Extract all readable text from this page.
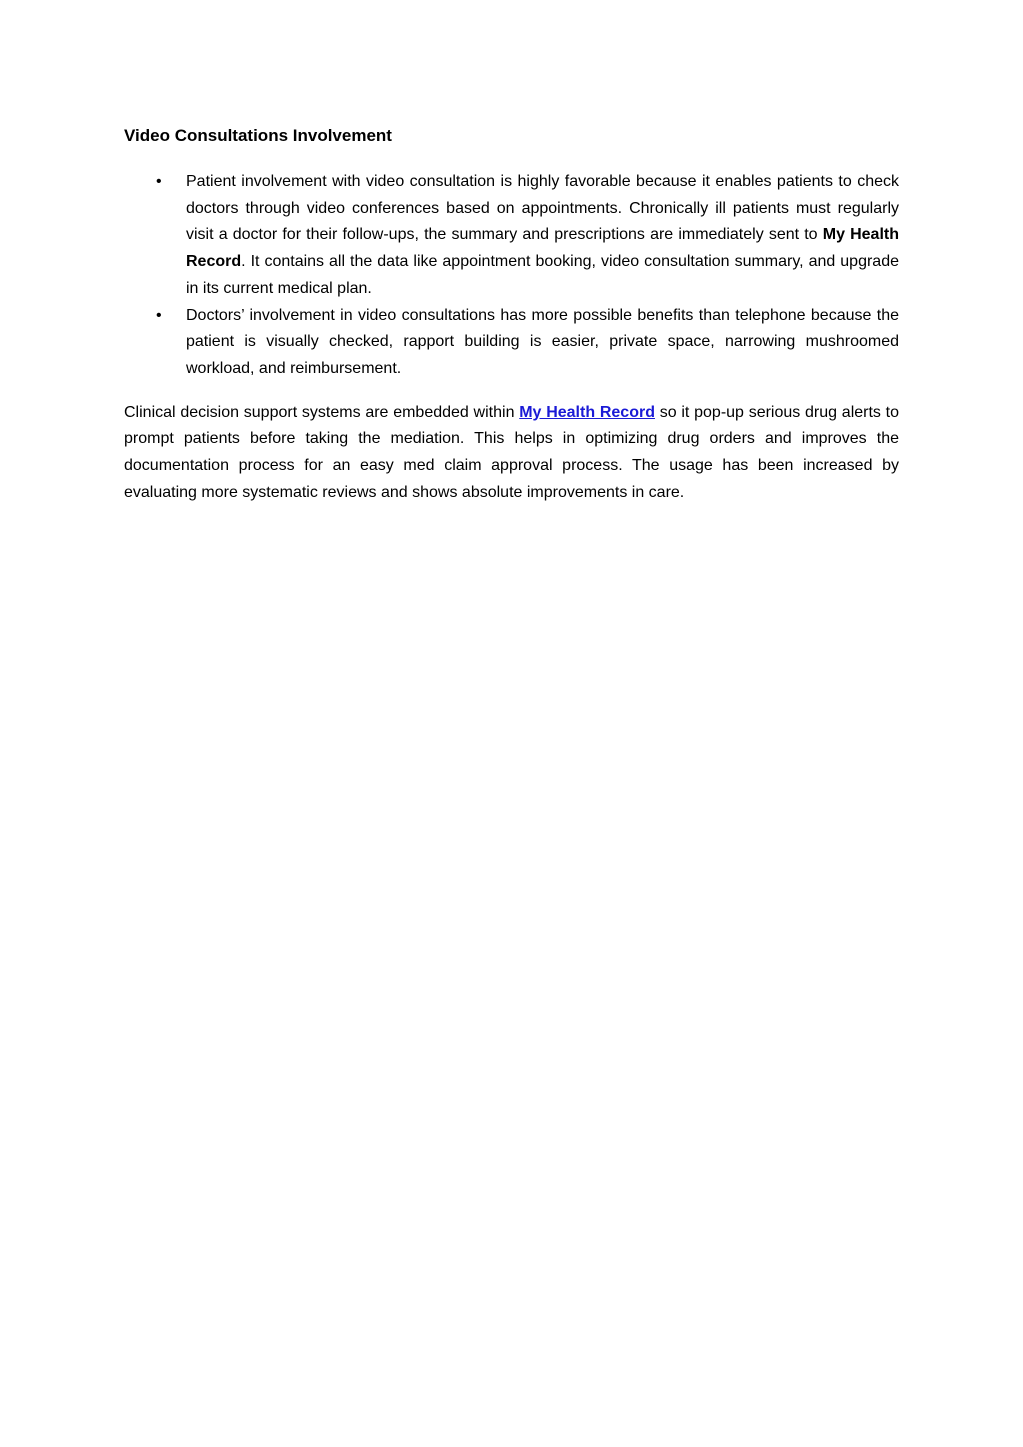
Video Consultations Involvement
• Patient involvement with video consultation is highly favorable because it enables patients to check doctors through video conferences based on appointments. Chronically ill patients must regularly visit a doctor for their follow-ups, the summary and prescriptions are immediately sent to My Health Record. It contains all the data like appointment booking, video consultation summary, and upgrade in its current medical plan.
• Doctors’ involvement in video consultations has more possible benefits than telephone because the patient is visually checked, rapport building is easier, private space, narrowing mushroomed workload, and reimbursement.

Clinical decision support systems are embedded within My Health Record so it pop-up serious drug alerts to prompt patients before taking the mediation. This helps in optimizing drug orders and improves the documentation process for an easy med claim approval process. The usage has been increased by evaluating more systematic reviews and shows absolute improvements in care.
